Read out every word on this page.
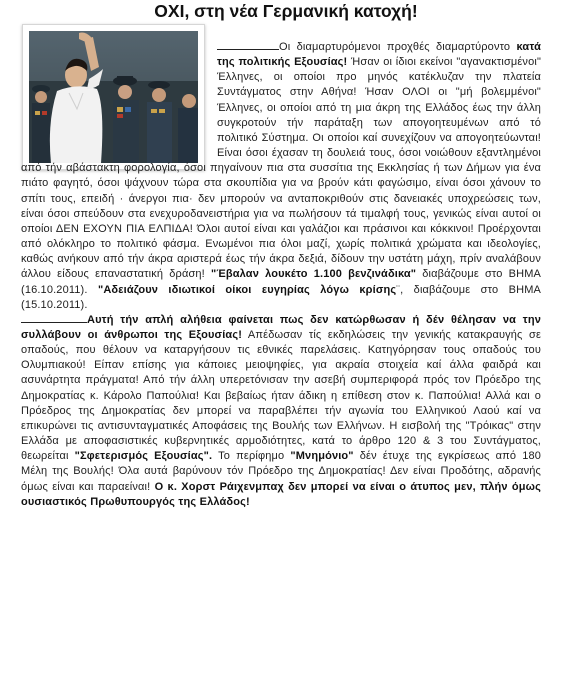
ΟΧΙ, στη νέα Γερμανική κατοχή!

Οι διαμαρτυρόμενοι προχθές διαμαρτύροντο κατά της πολιτικής Εξουσίας! Ήσαν οι ίδιοι εκείνοι "αγανακτισμένοι" Έλληνες, οι οποίοι προ μηνός κατέκλυζαν την πλατεία Συντάγματος στην Αθήνα! Ήσαν ΟΛΟΙ οι "μή βολεμμένοι" Έλληνες, οι οποίοι από τη μια άκρη της Ελλάδος έως την άλλη συγκροτούν τήν παράταξη των απογοητευμένων από τό πολιτικό Σύστημα. Οι οποίοι καί συνεχίζουν να απογοητεύωνται! Είναι όσοι έχασαν τη δουλειά τους, όσοι νοιώθουν εξαντλημένοι από τήν αβάστακτη φορολογία, όσοι πηγαίνουν πια στα συσσίτια της Εκκλησίας ή των Δήμων για ένα πιάτο φαγητό, όσοι ψάχνουν τώρα στα σκουπίδια για να βρούν κάτι φαγώσιμο, είναι όσοι χάνουν το σπίτι τους, επειδή · άνεργοι πια· δεν μπορούν να ανταποκριθούν στις δανειακές υποχρεώσεις των, είναι όσοι σπεύδουν στα ενεχυροδανειστήρια για να πωλήσουν τά τιμαλφή τους, γενικώς είναι αυτοί οι οποίοι ΔΕΝ ΕΧΟΥΝ ΠΙΑ ΕΛΠΙΔΑ! Όλοι αυτοί είναι και γαλάζιοι και πράσινοι και κόκκινοι! Προέρχονται από ολόκληρο το πολιτικό φάσμα. Ενωμένοι πια όλοι μαζί, χωρίς πολιτικά χρώματα και ιδεολογίες, καθώς ανήκουν από τήν άκρα αριστερά έως τήν άκρα δεξιά, δίδουν την υστάτη μάχη, πρίν αναλάβουν άλλου είδους επαναστατική δράση! "Έβαλαν λουκέτο 1.100 βενζινάδικα" διαβάζουμε στο ΒΗΜΑ (16.10.2011). "Αδειάζουν ιδιωτικοί οίκοι ευγηρίας λόγω κρίσης¨, διαβάζουμε στο ΒΗΜΑ (15.10.2011).

Αυτή τήν απλή αλήθεια φαίνεται πως δεν κατώρθωσαν ή δέν θέλησαν να την συλλάβουν οι άνθρωποι της Εξουσίας! Απέδωσαν τίς εκδηλώσεις την γενικής κατακραυγής σε οπαδούς, που θέλουν να καταργήσουν τις εθνικές παρελάσεις. Κατηγόρησαν τους οπαδούς του Ολυμπιακού! Είπαν επίσης για κάποιες μειοψηφίες, για ακραία στοιχεία καί άλλα φαιδρά και ασυνάρτητα πράγματα! Από τήν άλλη υπερετόνισαν την ασεβή συμπεριφορά πρός τον Πρόεδρο της Δημοκρατίας κ. Κάρολο Παπούλια! Και βεβαίως ήταν άδικη η επίθεση στον κ. Παπούλια! Αλλά και ο Πρόεδρος της Δημοκρατίας δεν μπορεί να παραβλέπει τήν αγωνία του Ελληνικού Λαού καί να επικυρώνει τις αντισυνταγματικές Αποφάσεις της Βουλής των Ελλήνων. Η εισβολή της "Τρόικας" στην Ελλάδα με αποφασιστικές κυβερνητικές αρμοδιότητες, κατά το άρθρο 120 & 3 του Συντάγματος, θεωρείται "Σφετερισμός Εξουσίας". Το περίφημο "Μνημόνιο" δέν έτυχε της εγκρίσεως από 180 Μέλη της Βουλής! Όλα αυτά βαρύνουν τόν Πρόεδρο της Δημοκρατίας! Δεν είναι Προδότης, αδρανής όμως είναι και παραείναι! Ο κ. Χορστ Ράιχενμπαχ δεν μπορεί να είναι ο άτυπος μεν, πλήν όμως ουσιαστικός Πρωθυπουργός της Ελλάδος!
